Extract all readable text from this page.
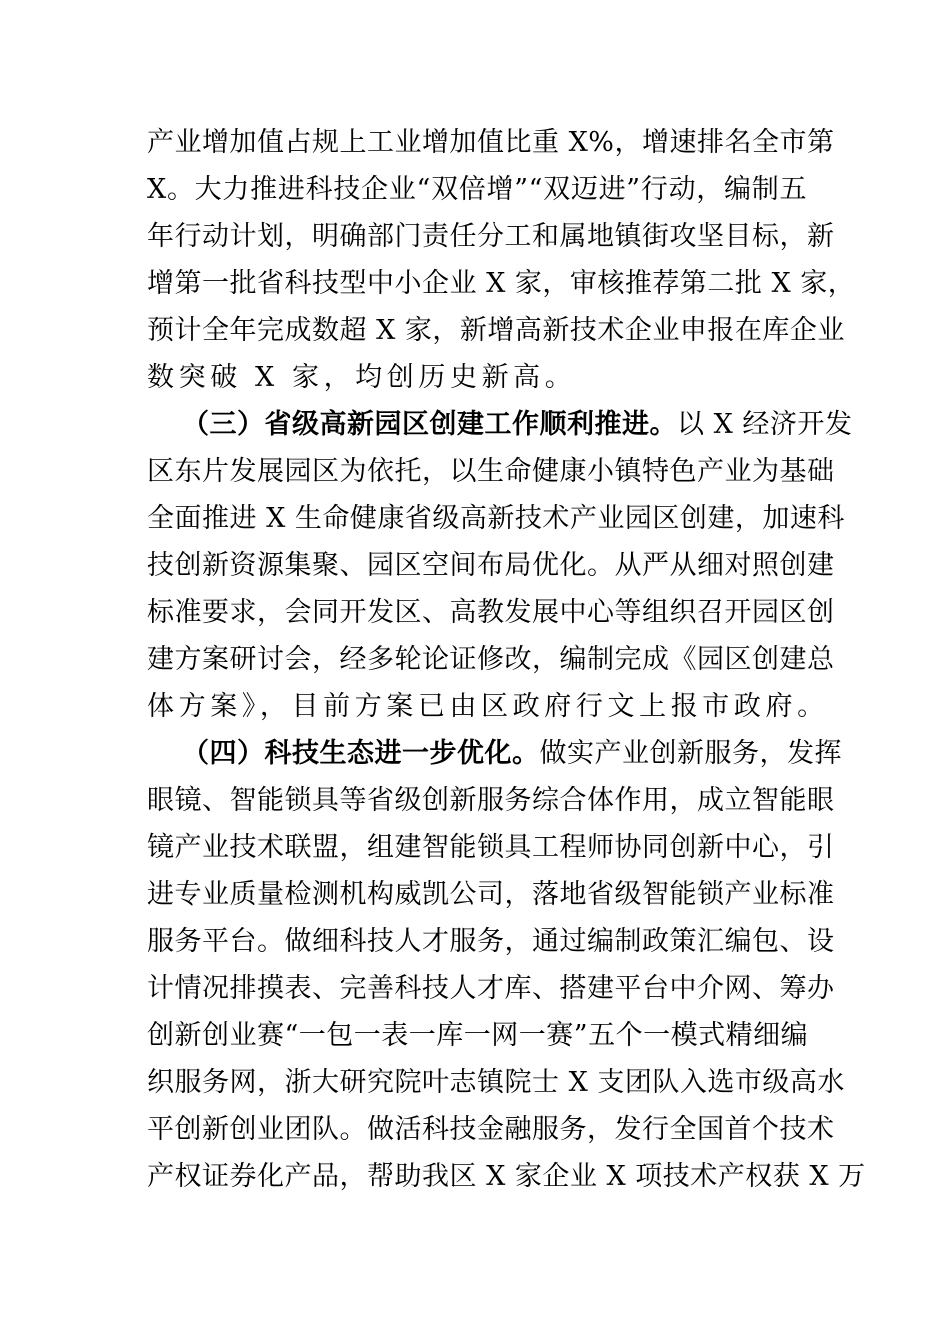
产业增加值占规上工业增加值比重 X%，增速排名全市第
X。大力推进科技企业“双倍增”“双迈进”行动，编制五
年行动计划，明确部门责任分工和属地镇街攻坚目标，新
增第一批省科技型中小企业 X 家，审核推荐第二批 X 家，
预计全年完成数超 X 家，新增高新技术企业申报在库企业
数突破 X 家，均创历史新高。
（三）省级高新园区创建工作顺利推进。以 X 经济开发
区东片发展园区为依托，以生命健康小镇特色产业为基础
全面推进 X 生命健康省级高新技术产业园区创建，加速科
技创新资源集聚、园区空间布局优化。从严从细对照创建
标准要求，会同开发区、高教发展中心等组织召开园区创
建方案研讨会，经多轮论证修改，编制完成《园区创建总
体方案》，目前方案已由区政府行文上报市政府。
（四）科技生态进一步优化。做实产业创新服务，发挥
眼镜、智能锁具等省级创新服务综合体作用，成立智能眼
镜产业技术联盟，组建智能锁具工程师协同创新中心，引
进专业质量检测机构威凯公司，落地省级智能锁产业标准
服务平台。做细科技人才服务，通过编制政策汇编包、设
计情况排摸表、完善科技人才库、搭建平台中介网、筹办
创新创业赛“一包一表一库一网一赛”五个一模式精细编
织服务网，浙大研究院叶志镇院士 X 支团队入选市级高水
平创新创业团队。做活科技金融服务，发行全国首个技术
产权证券化产品，帮助我区 X 家企业 X 项技术产权获 X 万
